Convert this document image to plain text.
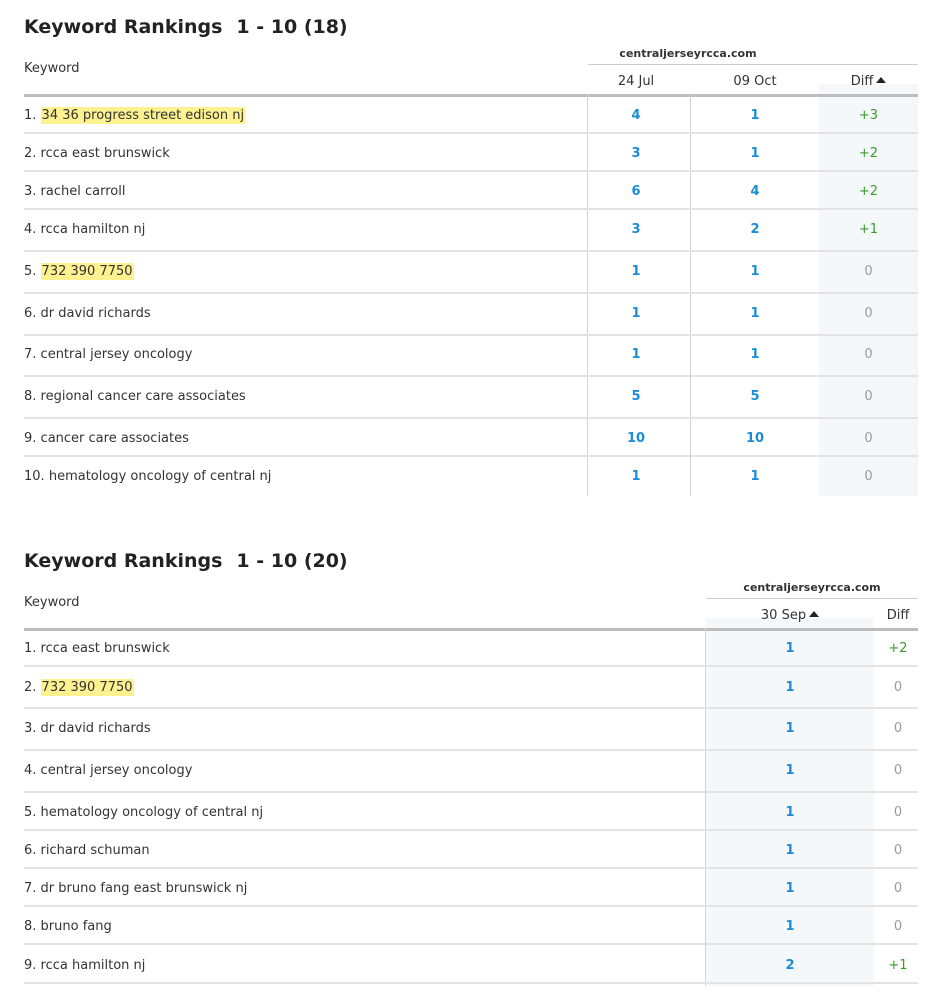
Keyword Rankings 1 - 10 (18)
Keyword
centraljerseyrcca.com
24 Jul	09 Oct	Diff
1. 34 36 progress street edison nj	4	1	+3
2. rcca east brunswick	3	1	+2
3. rachel carroll	6	4	+2
4. rcca hamilton nj	3	2	+1
5. 732 390 7750	1	1	0
6. dr david richards	1	1	0
7. central jersey oncology	1	1	0
8. regional cancer care associates	5	5	0
9. cancer care associates	10	10	0
10. hematology oncology of central nj	1	1	0
Keyword Rankings 1 - 10 (20)
Keyword
centraljerseyrcca.com
30 Sep	Diff
1. rcca east brunswick	1	+2
2. 732 390 7750	1	0
3. dr david richards	1	0
4. central jersey oncology	1	0
5. hematology oncology of central nj	1	0
6. richard schuman	1	0
7. dr bruno fang east brunswick nj	1	0
8. bruno fang	1	0
9. rcca hamilton nj	2	+1
